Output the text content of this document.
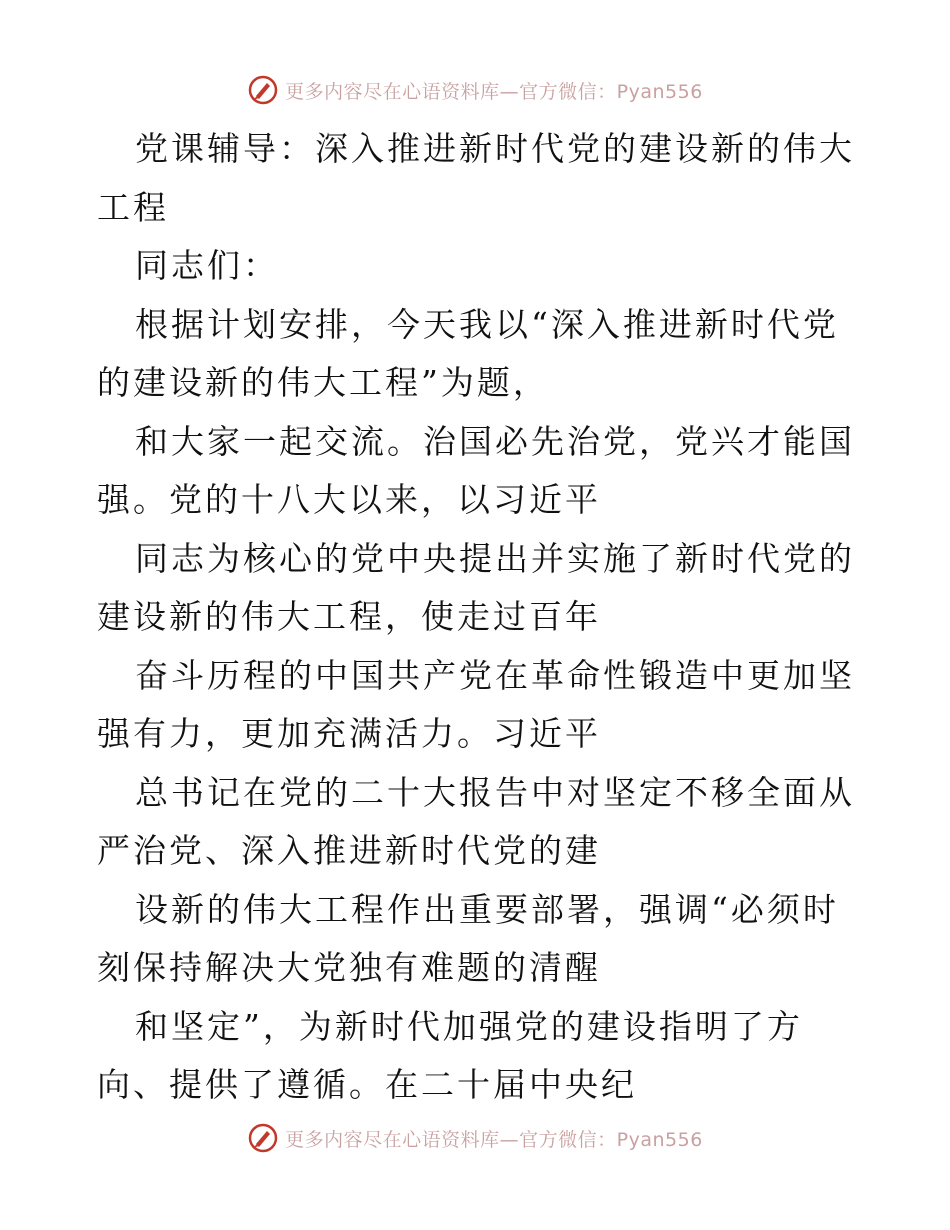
更多内容尽在心语资料库—官方微信：Pyan556

党课辅导：深入推进新时代党的建设新的伟大工程

同志们：

根据计划安排，今天我以“深入推进新时代党的建设新的伟大工程”为题，

和大家一起交流。治国必先治党，党兴才能国强。党的十八大以来，以习近平

同志为核心的党中央提出并实施了新时代党的建设新的伟大工程，使走过百年

奋斗历程的中国共产党在革命性锻造中更加坚强有力，更加充满活力。习近平

总书记在党的二十大报告中对坚定不移全面从严治党、深入推进新时代党的建

设新的伟大工程作出重要部署，强调“必须时刻保持解决大党独有难题的清醒

和坚定”，为新时代加强党的建设指明了方向、提供了遵循。在二十届中央纪

更多内容尽在心语资料库—官方微信：Pyan556
